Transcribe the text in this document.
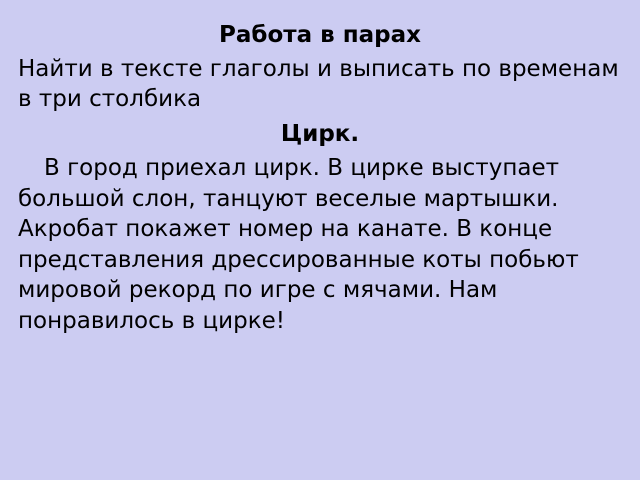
Работа в парах

Найти в тексте глаголы и выписать по временам в три столбика

Цирк.

В город приехал цирк. В цирке выступает большой слон, танцуют веселые мартышки. Акробат покажет номер на канате. В конце представления дрессированные коты побьют мировой рекорд по игре с мячами. Нам понравилось в цирке!
